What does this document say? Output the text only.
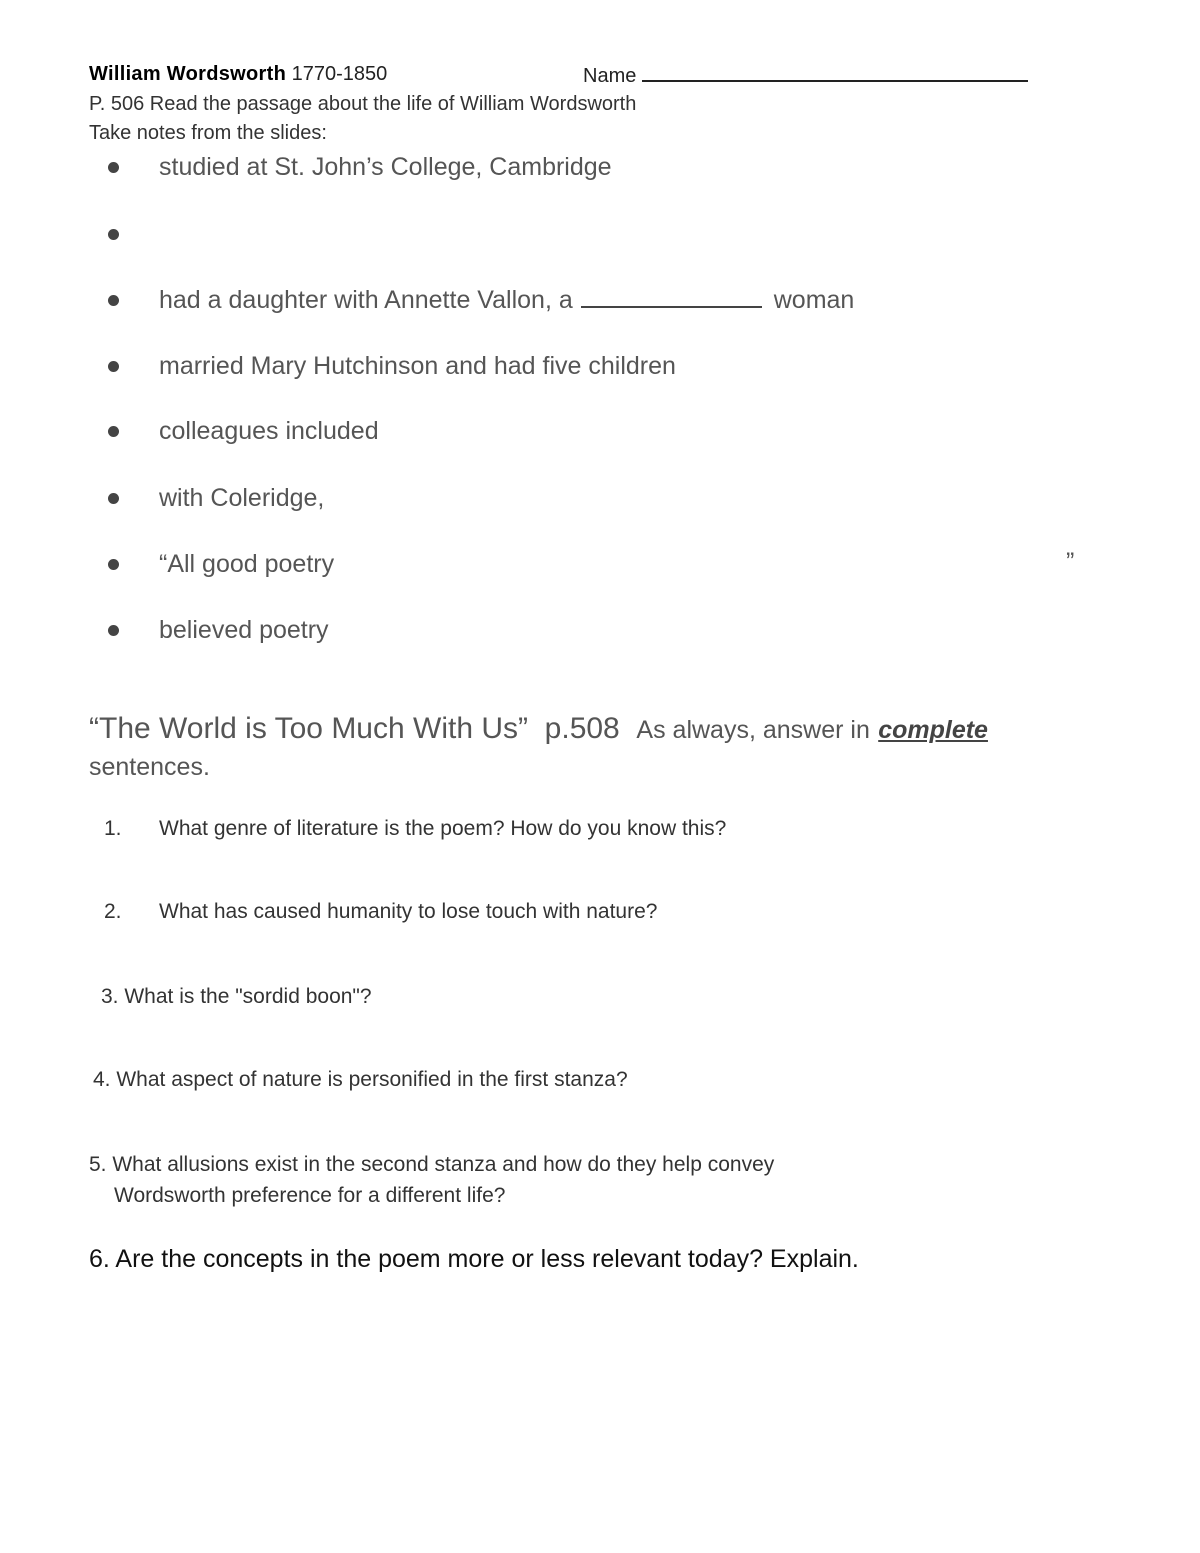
William Wordsworth 1770-1850	Name
P. 506 Read the passage about the life of William Wordsworth
Take notes from the slides:
studied at St. John’s College, Cambridge
had a daughter with Annette Vallon, a	woman
married Mary Hutchinson and had five children
colleagues included
with Coleridge,
“All good poetry	”
believed poetry
“The World is Too Much With Us” p.508 As always, answer in complete
sentences.
1. What genre of literature is the poem? How do you know this?
2. What has caused humanity to lose touch with nature?
3. What is the "sordid boon"?
4. What aspect of nature is personified in the first stanza?
5. What allusions exist in the second stanza and how do they help convey
Wordsworth preference for a different life?
6. Are the concepts in the poem more or less relevant today? Explain.
